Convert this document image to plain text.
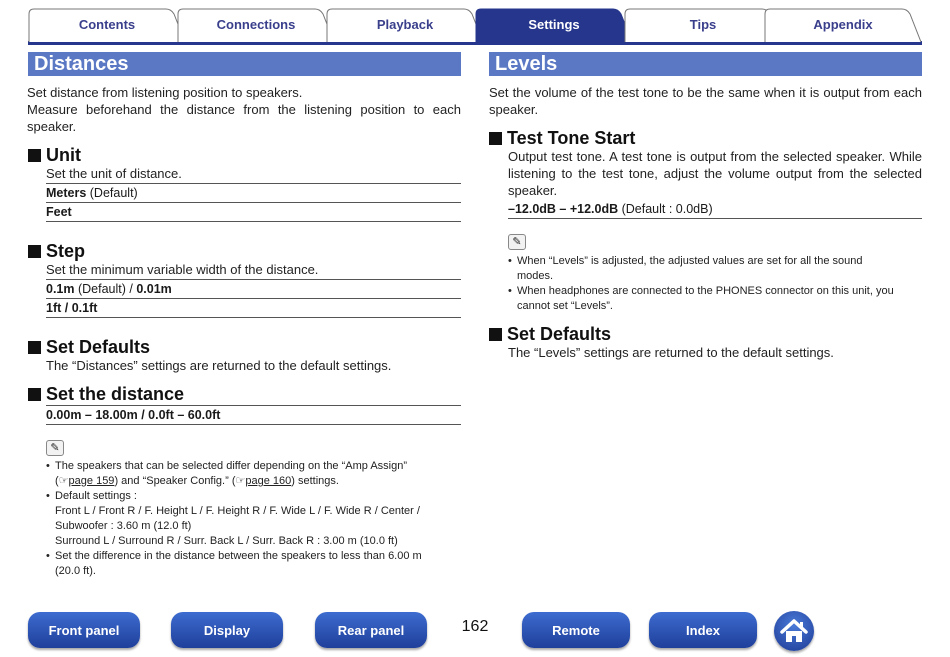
Contents	Connections	Playback	Settings	Tips	Appendix
Distances
Set distance from listening position to speakers.
Measure beforehand the distance from the listening position to each speaker.
Unit
Set the unit of distance.
Meters (Default)
Feet
Step
Set the minimum variable width of the distance.
0.1m (Default) / 0.01m
1ft / 0.1ft
Set Defaults
The “Distances” settings are returned to the default settings.
Set the distance
0.00m – 18.00m / 0.0ft – 60.0ft
✎
• The speakers that can be selected differ depending on the “Amp Assign”
(☞page 159) and “Speaker Config.” (☞page 160) settings.
• Default settings :
Front L / Front R / F. Height L / F. Height R / F. Wide L / F. Wide R / Center /
Subwoofer : 3.60 m (12.0 ft)
Surround L / Surround R / Surr. Back L / Surr. Back R : 3.00 m (10.0 ft)
• Set the difference in the distance between the speakers to less than 6.00 m
(20.0 ft).
Levels
Set the volume of the test tone to be the same when it is output from each speaker.
Test Tone Start
Output test tone. A test tone is output from the selected speaker. While listening to the test tone, adjust the volume output from the selected speaker.
–12.0dB – +12.0dB (Default : 0.0dB)
✎
• When “Levels” is adjusted, the adjusted values are set for all the sound
modes.
• When headphones are connected to the PHONES connector on this unit, you
cannot set “Levels”.
Set Defaults
The “Levels” settings are returned to the default settings.
Front panel	Display	Rear panel	162	Remote	Index
